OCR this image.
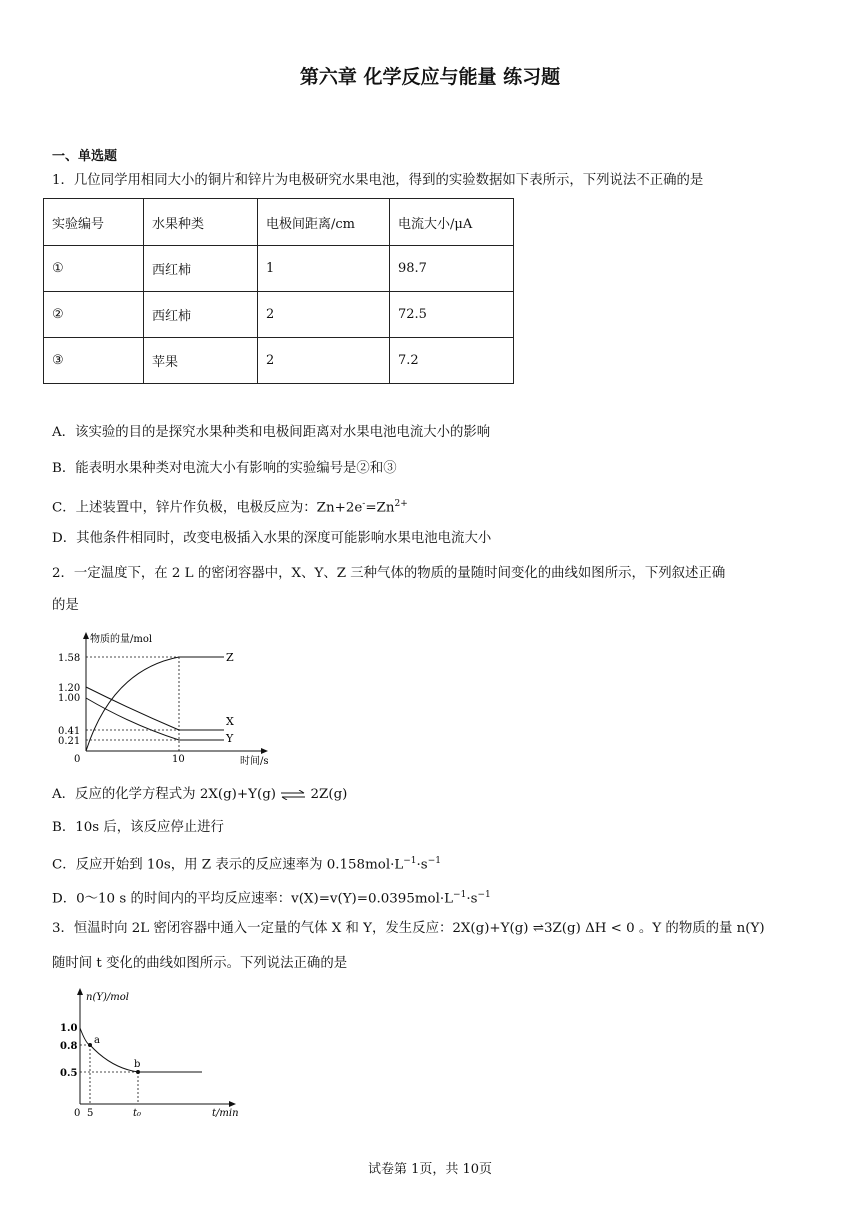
第六章 化学反应与能量 练习题
一、单选题
1．几位同学用相同大小的铜片和锌片为电极研究水果电池，得到的实验数据如下表所示，下列说法不正确的是
实验编号	水果种类	电极间距离/cm	电流大小/μA
①	西红柿	1	98.7
②	西红柿	2	72.5
③	苹果	2	7.2
A．该实验的目的是探究水果种类和电极间距离对水果电池电流大小的影响
B．能表明水果种类对电流大小有影响的实验编号是②和③
C．上述装置中，锌片作负极，电极反应为：$Zn+2e^-=Zn^{2+}$
D．其他条件相同时，改变电极插入水果的深度可能影响水果电池电流大小
2．一定温度下，在 2 L 的密闭容器中，X、Y、Z 三种气体的物质的量随时间变化的曲线如图所示，下列叙述正确
的是
1.58
1.20
1.00
0.41
0.21
0	10
物质的量/mol
时间/s
Z
X
Y
A．反应的化学方程式为 2X(g)+Y(g) ⇌ 2Z(g)
B．10s 后，该反应停止进行
C．反应开始到 10s，用 Z 表示的反应速率为 $0.158mol\cdot L^{-1}\cdot s^{-1}$
D．0～10 s 的时间内的平均反应速率：$v(X)=v(Y)=0.0395mol\cdot L^{-1}\cdot s^{-1}$
3．恒温时向 2L 密闭容器中通入一定量的气体 X 和 Y，发生反应：2X(g)+Y(g) ⇌3Z(g) ΔH < 0 。Y 的物质的量 n(Y)
随时间 t 变化的曲线如图所示。下列说法正确的是
n(Y)/mol
t/min
1.0
0.8
0.5
0 5	t₀
a
b
试卷第 1页，共 10页
